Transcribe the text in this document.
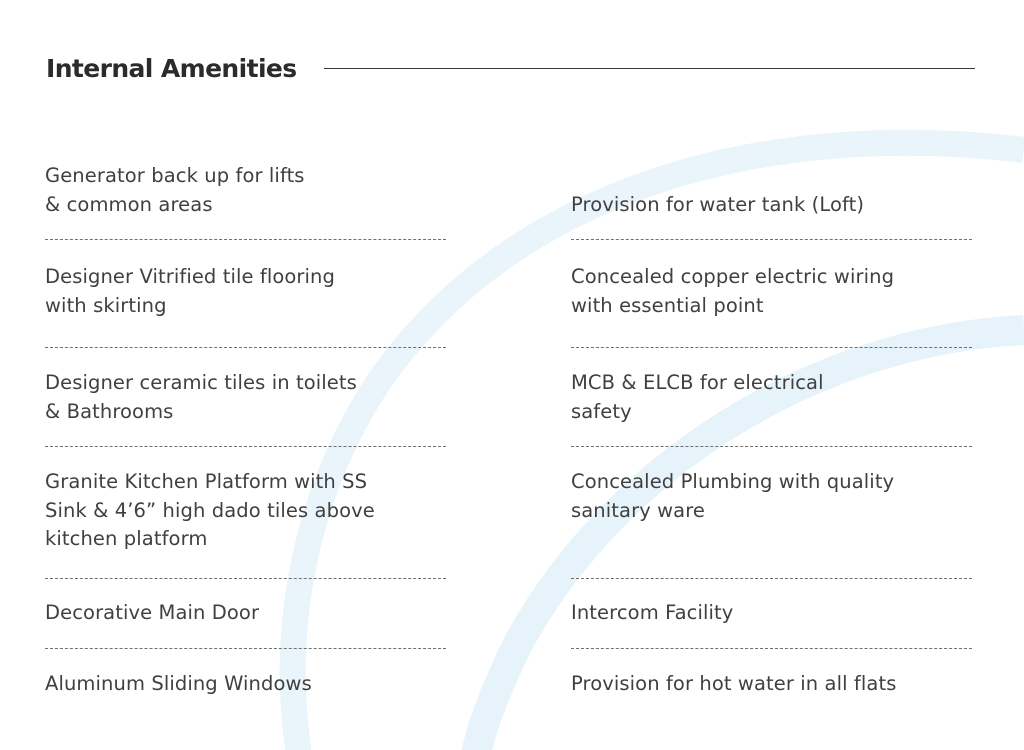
Internal Amenities
Generator back up for lifts
& common areas
Designer Vitrified tile flooring
with skirting
Designer ceramic tiles in toilets
& Bathrooms
Granite Kitchen Platform with SS
Sink & 4’6” high dado tiles above
kitchen platform
Decorative Main Door
Aluminum Sliding Windows
Provision for water tank (Loft)
Concealed copper electric wiring
with essential point
MCB & ELCB for electrical
safety
Concealed Plumbing with quality
sanitary ware
Intercom Facility
Provision for hot water in all flats
